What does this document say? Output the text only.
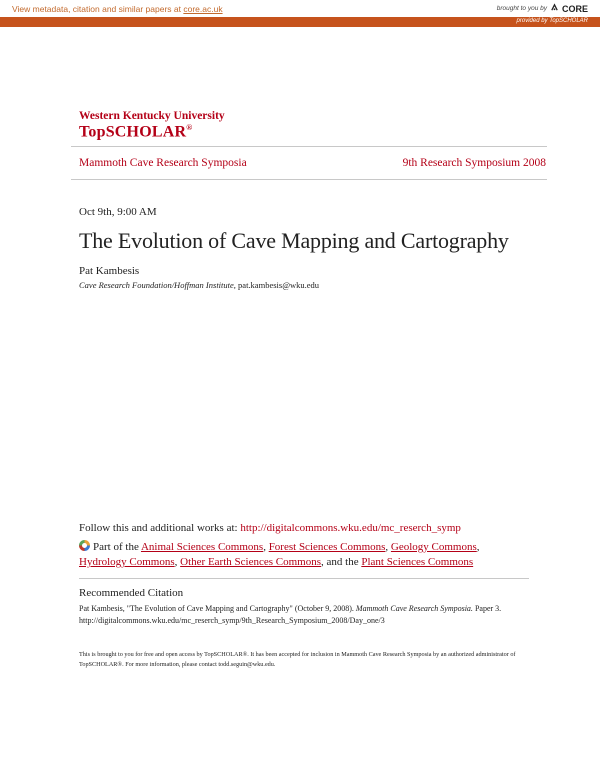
View metadata, citation and similar papers at core.ac.uk	brought to you by CORE
provided by TopSCHOLAR
Western Kentucky University
TopSCHOLAR®
Mammoth Cave Research Symposia	9th Research Symposium 2008
Oct 9th, 9:00 AM
The Evolution of Cave Mapping and Cartography
Pat Kambesis
Cave Research Foundation/Hoffman Institute, pat.kambesis@wku.edu
Follow this and additional works at: http://digitalcommons.wku.edu/mc_reserch_symp
Part of the Animal Sciences Commons, Forest Sciences Commons, Geology Commons, Hydrology Commons, Other Earth Sciences Commons, and the Plant Sciences Commons
Recommended Citation
Pat Kambesis, "The Evolution of Cave Mapping and Cartography" (October 9, 2008). Mammoth Cave Research Symposia. Paper 3.
http://digitalcommons.wku.edu/mc_reserch_symp/9th_Research_Symposium_2008/Day_one/3
This is brought to you for free and open access by TopSCHOLAR®. It has been accepted for inclusion in Mammoth Cave Research Symposia by an authorized administrator of TopSCHOLAR®. For more information, please contact todd.seguin@wku.edu.
